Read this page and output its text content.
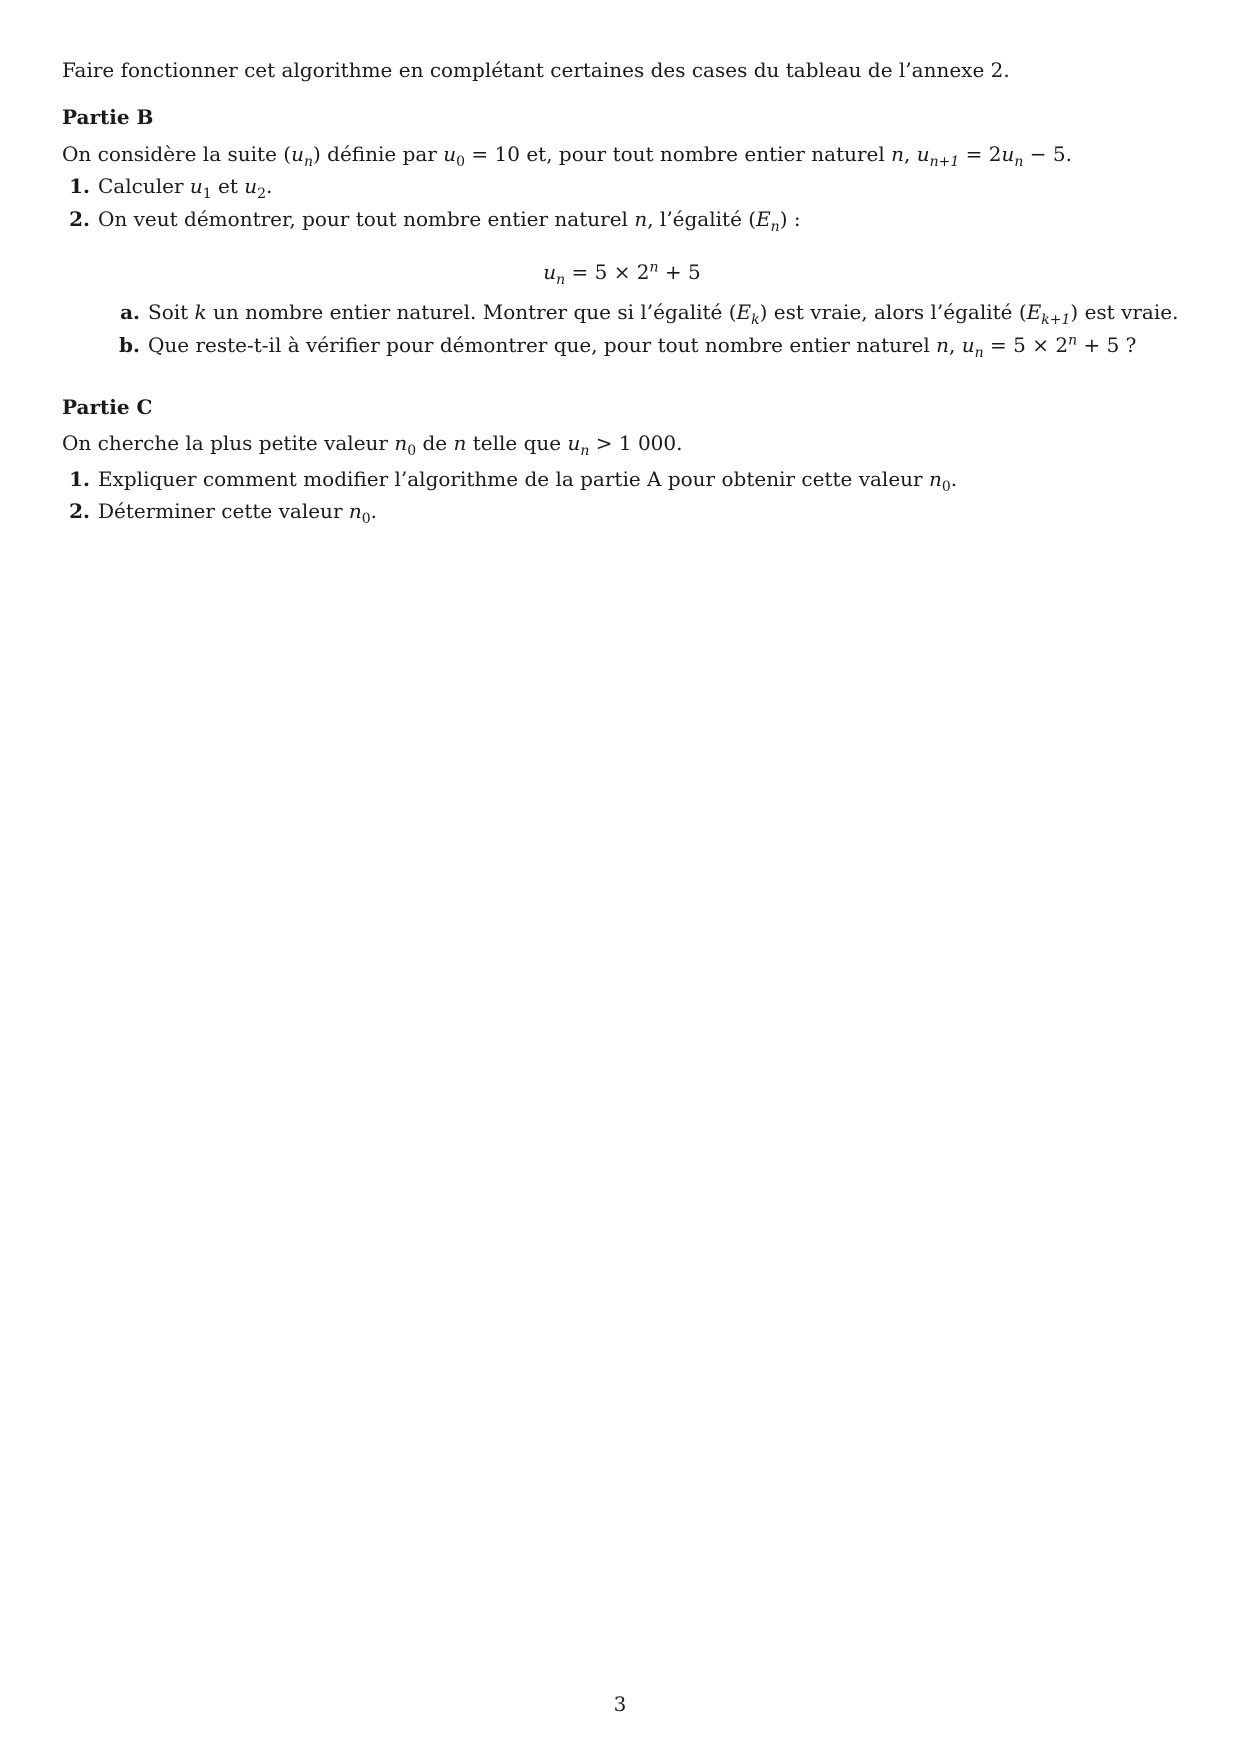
Faire fonctionner cet algorithme en complétant certaines des cases du tableau de l’annexe 2.
Partie B
On considère la suite $(u_n)$ définie par $u_0 = 10$ et, pour tout nombre entier naturel n, $u_{n+1} = 2u_n - 5$.
1. Calculer $u_1$ et $u_2$.
2. On veut démontrer, pour tout nombre entier naturel n, l’égalité $(E_n)$ :
$u_n = 5 \times 2^n + 5$
a. Soit k un nombre entier naturel. Montrer que si l’égalité $(E_k)$ est vraie, alors l’égalité $(E_{k+1})$ est vraie.
b. Que reste-t-il à vérifier pour démontrer que, pour tout nombre entier naturel n, $u_n = 5 \times 2^n + 5$ ?
Partie C
On cherche la plus petite valeur $n_0$ de n telle que $u_n > 1$ 000.
1. Expliquer comment modifier l’algorithme de la partie A pour obtenir cette valeur $n_0$.
2. Déterminer cette valeur $n_0$.
3
